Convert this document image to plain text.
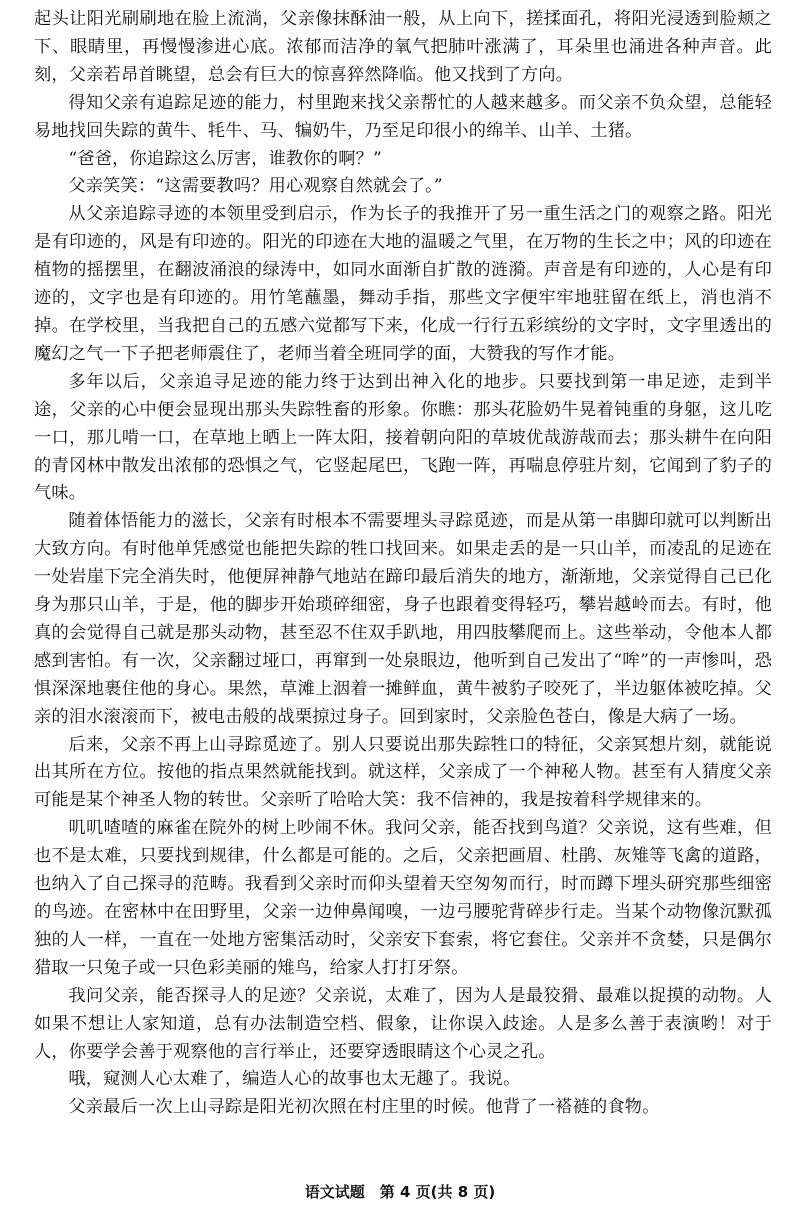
起头让阳光刷刷地在脸上流淌，父亲像抹酥油一般，从上向下，搓揉面孔，将阳光浸透到脸颊之下、眼睛里，再慢慢渗进心底。浓郁而洁净的氧气把肺叶涨满了，耳朵里也涌进各种声音。此刻，父亲若昂首眺望，总会有巨大的惊喜猝然降临。他又找到了方向。

得知父亲有追踪足迹的能力，村里跑来找父亲帮忙的人越来越多。而父亲不负众望，总能轻易地找回失踪的黄牛、牦牛、马、犏奶牛，乃至足印很小的绵羊、山羊、土猪。

“爸爸，你追踪这么厉害，谁教你的啊？”

父亲笑笑：“这需要教吗？用心观察自然就会了。”

从父亲追踪寻迹的本领里受到启示，作为长子的我推开了另一重生活之门的观察之路。阳光是有印迹的，风是有印迹的。阳光的印迹在大地的温暖之气里，在万物的生长之中；风的印迹在植物的摇摆里，在翻波涌浪的绿涛中，如同水面渐自扩散的涟漪。声音是有印迹的，人心是有印迹的，文字也是有印迹的。用竹笔蘸墨，舞动手指，那些文字便牢牢地驻留在纸上，消也消不掉。在学校里，当我把自己的五感六觉都写下来，化成一行行五彩缤纷的文字时，文字里透出的魔幻之气一下子把老师震住了，老师当着全班同学的面，大赞我的写作才能。

多年以后，父亲追寻足迹的能力终于达到出神入化的地步。只要找到第一串足迹，走到半途，父亲的心中便会显现出那头失踪牲畜的形象。你瞧：那头花脸奶牛晃着钝重的身躯，这儿吃一口，那儿啃一口，在草地上晒上一阵太阳，接着朝向阳的草坡优哉游哉而去；那头耕牛在向阳的青冈林中散发出浓郁的恐惧之气，它竖起尾巴，飞跑一阵，再喘息停驻片刻，它闻到了豹子的气味。

随着体悟能力的滋长，父亲有时根本不需要埋头寻踪觅迹，而是从第一串脚印就可以判断出大致方向。有时他单凭感觉也能把失踪的牲口找回来。如果走丢的是一只山羊，而凌乱的足迹在一处岩崖下完全消失时，他便屏神静气地站在蹄印最后消失的地方，渐渐地，父亲觉得自己已化身为那只山羊，于是，他的脚步开始琐碎细密，身子也跟着变得轻巧，攀岩越岭而去。有时，他真的会觉得自己就是那头动物，甚至忍不住双手趴地，用四肢攀爬而上。这些举动，令他本人都感到害怕。有一次，父亲翻过垭口，再窜到一处泉眼边，他听到自己发出了“哞”的一声惨叫，恐惧深深地裹住他的身心。果然，草滩上洇着一摊鲜血，黄牛被豹子咬死了，半边躯体被吃掉。父亲的泪水滚滚而下，被电击般的战栗掠过身子。回到家时，父亲脸色苍白，像是大病了一场。

后来，父亲不再上山寻踪觅迹了。别人只要说出那失踪牲口的特征，父亲冥想片刻，就能说出其所在方位。按他的指点果然就能找到。就这样，父亲成了一个神秘人物。甚至有人猜度父亲可能是某个神圣人物的转世。父亲听了哈哈大笑：我不信神的，我是按着科学规律来的。

叽叽喳喳的麻雀在院外的树上吵闹不休。我问父亲，能否找到鸟道？父亲说，这有些难，但也不是太难，只要找到规律，什么都是可能的。之后，父亲把画眉、杜鹃、灰雉等飞禽的道路，也纳入了自己探寻的范畴。我看到父亲时而仰头望着天空匆匆而行，时而蹲下埋头研究那些细密的鸟迹。在密林中在田野里，父亲一边伸鼻闻嗅，一边弓腰驼背碎步行走。当某个动物像沉默孤独的人一样，一直在一处地方密集活动时，父亲安下套索，将它套住。父亲并不贪婪，只是偶尔猎取一只兔子或一只色彩美丽的雉鸟，给家人打打牙祭。

我问父亲，能否探寻人的足迹？父亲说，太难了，因为人是最狡猾、最难以捉摸的动物。人如果不想让人家知道，总有办法制造空档、假象，让你误入歧途。人是多么善于表演哟！对于人，你要学会善于观察他的言行举止，还要穿透眼睛这个心灵之孔。

哦，窥测人心太难了，编造人心的故事也太无趣了。我说。

父亲最后一次上山寻踪是阳光初次照在村庄里的时候。他背了一褡裢的食物。

语文试题　第 4 页(共 8 页)
